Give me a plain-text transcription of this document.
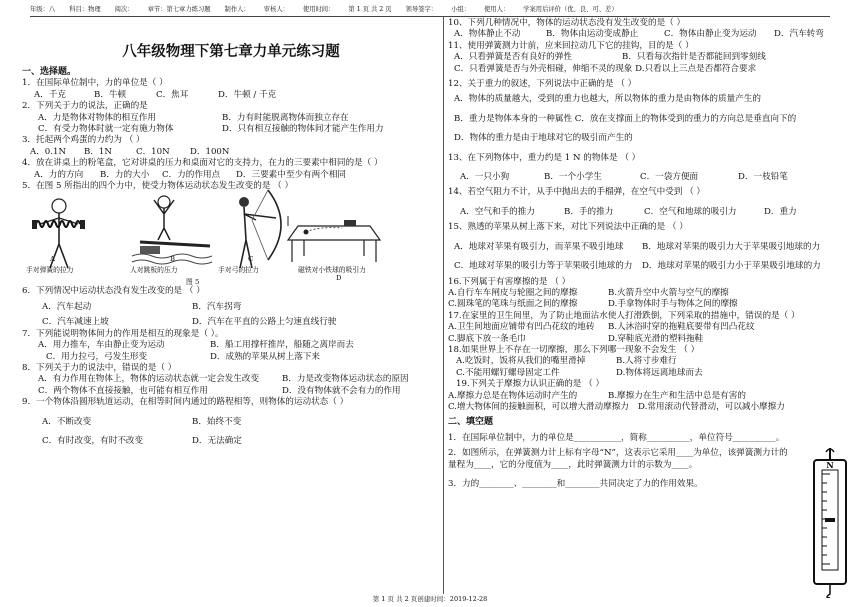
年级：八 科目：物理 阅次： 章节：第七章力练习题 制作人： 审核人： 使用时间： 第 1 页 共 2 页 领导签字： 小组： 使用人： 学案用后评价（优、良、可、差）
八年级物理下第七章力单元练习题
一、选择题。
1．在国际单位制中，力的单位是（ ）
A．千克	B．牛顿	C．焦耳	D．牛顿 / 千克
2．下列关于力的说法，正确的是
A．力是物体对物体的相互作用	B．力有时能脱离物体而独立存在
C．有受力物体时就一定有施力物体	D．只有相互接触的物体间才能产生作用力
3．托起两个鸡蛋的力约为 （ ）
A．0.1N	B．1N	C．10N	D．100N
4．放在讲桌上的粉笔盒，它对讲桌的压力和桌面对它的支持力，在力的三要素中相同的是（ ）
A．力的方向	B．力的大小	C．力的作用点	D．三要素中至少有两个相同
5．在图 5 所指出的四个力中，使受力物体运动状态发生改变的是 （ ）
手对弹簧的拉力	人对跳板的压力	手对弓的拉力	磁铁对小铁球的吸引力
A	B	C
D
图 5
6．下列情况中运动状态没有发生改变的是 （ ）
A．汽车起动	B．汽车拐弯
C．汽车减速上坡	D．汽车在平直的公路上匀速直线行驶
7．下列能说明物体间力的作用是相互的现象是（ ）。
A．用力推车，车由静止变为运动	B．船工用撑杆推岸，船随之离岸而去
C．用力拉弓，弓发生形变	D．成熟的苹果从树上落下来
8．下列关于力的说法中，错误的是（ ）
A．有力作用在物体上，物体的运动状态就一定会发生改变	B．力是改变物体运动状态的原因
C．两个物体不直接接触，也可能有相互作用	D．没有物体就不会有力的作用
9．一个物体沿圆形轨道运动，在相等时间内通过的路程相等，则物体的运动状态（ ）
A．不断改变	B．始终不变
C．有时改变，有时不改变	D．无法确定
10、下列几种情况中，物体的运动状态没有发生改变的是（ ）
A．物体静止不动	B．物体由运动变成静止	C．物体由静止变为运动	D．汽车转弯
11、使用弹簧测力计前，应来回拉动几下它的挂钩，目的是（ ）
A．只看弹簧是否有良好的弹性	B．只看每次指针是否都能回到零刻线
C．只看弹簧是否与外壳相碰，伸缩不灵的现象 D.只看以上三点是否都符合要求
12、关于重力的叙述，下列说法中正确的是 （ ）
A．物体的质量越大，受到的重力也越大，所以物体的重力是由物体的质量产生的
B．重力是物体本身的一种属性 C．放在支撑面上的物体受到的重力的方向总是垂直向下的
D．物体的重力是由于地球对它的吸引而产生的
13、在下列物体中，重力约是 1 N 的物体是 （ ）
A．一只小狗	B．一个小学生	C．一袋方便面	D．一枝铅笔
14、若空气阻力不计，从手中抛出去的手榴弹，在空气中受到 （ ）
A．空气和手的推力	B．手的推力	C．空气和地球的吸引力	D．重力
15、熟透的苹果从树上落下来，对比下列说法中正确的是 （ ）
A．地球对苹果有吸引力，而苹果不吸引地球	B．地球对苹果的吸引力大于苹果吸引地球的力
C．地球对苹果的吸引力等于苹果吸引地球的力	D．地球对苹果的吸引力小于苹果吸引地球的力
16.下列属于有害摩擦的是 （ ）
A.自行车车闸皮与轮圈之间的摩擦	B.火箭升空中火箭与空气的摩擦
C.圆珠笔的笔珠与纸面之间的摩擦	D.手拿物体时手与物体之间的摩擦
17.在家里的卫生间里，为了防止地面沾水使人打滑跌倒，下列采取的措施中，错误的是（ ）
A.卫生间地面应铺带有凹凸花纹的地砖	B.人沐浴时穿的拖鞋底要带有凹凸花纹
C.脚底下放一条毛巾	D.穿鞋底光滑的塑料拖鞋
18.如果世界上不存在一切摩擦，那么下列哪一现象不会发生 （ ）
A.吃饭时，饭将从我们的嘴里滑掉	B.人将寸步难行
C.不能用螺钉螺母固定工件	D.物体将远离地球而去
19.下列关于摩擦力认识正确的是 （ ）
A.摩擦力总是在物体运动时产生的	B.摩擦力在生产和生活中总是有害的
C.增大物体间的接触面积，可以增大滑动摩擦力	D.常用滚动代替滑动，可以减小摩擦力
二、填空题
1．在国际单位制中，力的单位是___________，简称__________，单位符号__________。
2．如图所示，在弹簧测力计上标有字母“N”，这表示它采用____为单位，该弹簧测力计的
量程为____，它的分度值为____，此时弹簧测力计的示数为____。
3．力的________、________和________共同决定了力的作用效果。
N
第 1 页 共 2 页创建时间：2019-12-28
